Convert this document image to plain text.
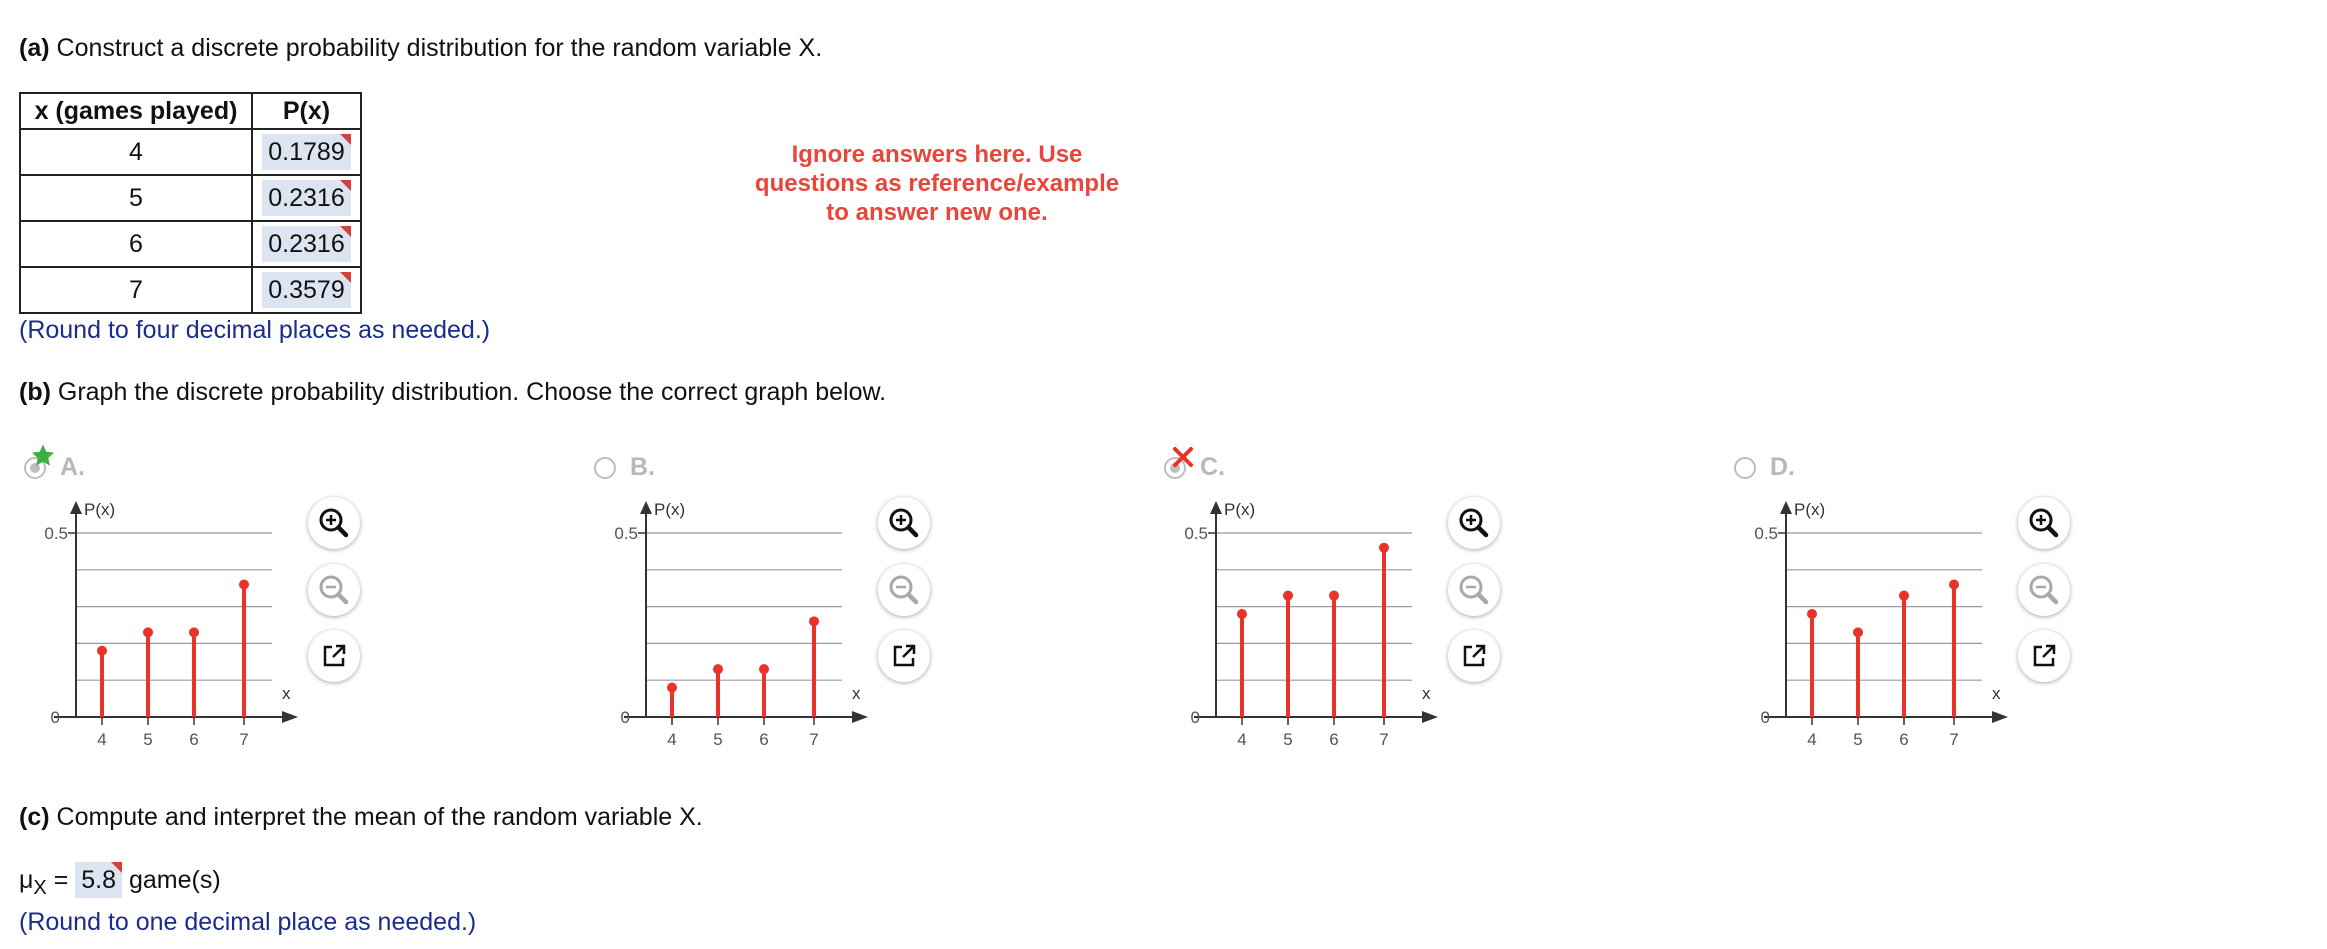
(a) Construct a discrete probability distribution for the random variable X.
x (games played)	P(x)
4	0.1789

5	0.2316

6	0.2316

7	0.3579
(Round to four decimal places as needed.)
Ignore answers here. Use
questions as reference/example
to answer new one.
(b) Graph the discrete probability distribution. Choose the correct graph below.
A.
0
0.5
P(x)
x
4 5 6 7
B.
0
0.5
P(x)
x
4 5 6 7
C.
0
0.5
P(x)
x
4 5 6 7
D.
0
0.5
P(x)
x
4 5 6 7
(c) Compute and interpret the mean of the random variable X.
$\mu_X = 5.8$ game(s)
(Round to one decimal place as needed.)
